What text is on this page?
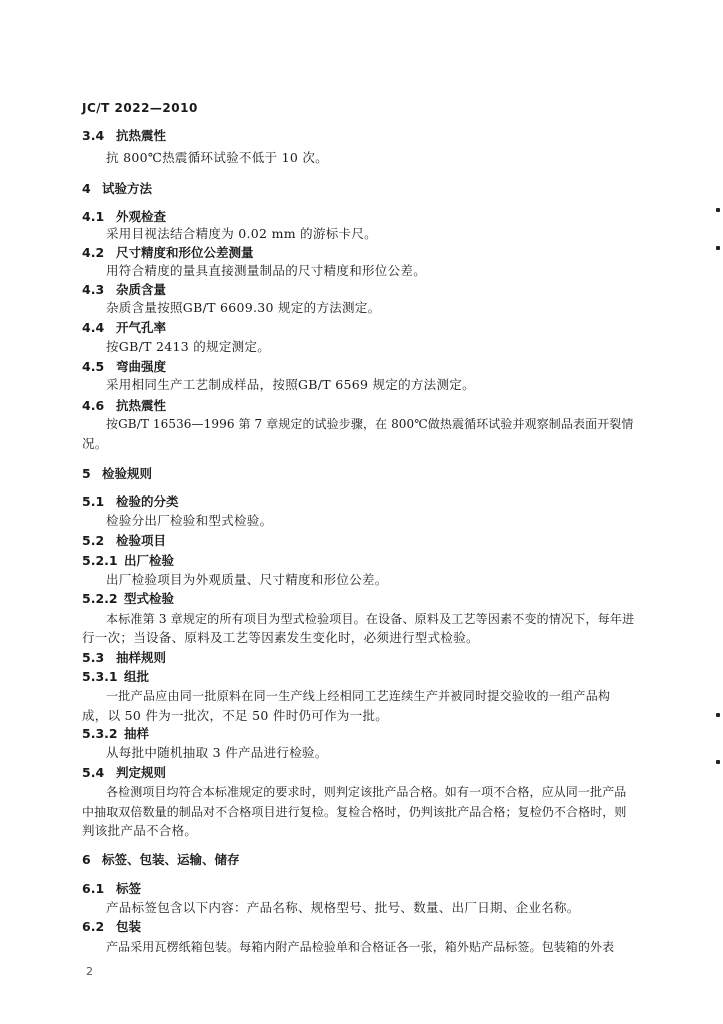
JC/T 2022—2010
3.4 抗热震性
抗 800℃热震循环试验不低于 10 次。
4 试验方法
4.1 外观检查
采用目视法结合精度为 0.02 mm 的游标卡尺。
4.2 尺寸精度和形位公差测量
用符合精度的量具直接测量制品的尺寸精度和形位公差。
4.3 杂质含量
杂质含量按照GB/T 6609.30 规定的方法测定。
4.4 开气孔率
按GB/T 2413 的规定测定。
4.5 弯曲强度
采用相同生产工艺制成样品，按照GB/T 6569 规定的方法测定。
4.6 抗热震性
按GB/T 16536—1996 第 7 章规定的试验步骤，在 800℃做热震循环试验并观察制品表面开裂情
况。
5 检验规则
5.1 检验的分类
检验分出厂检验和型式检验。
5.2 检验项目
5.2.1 出厂检验
出厂检验项目为外观质量、尺寸精度和形位公差。
5.2.2 型式检验
本标准第 3 章规定的所有项目为型式检验项目。在设备、原料及工艺等因素不变的情况下，每年进
行一次；当设备、原料及工艺等因素发生变化时，必须进行型式检验。
5.3 抽样规则
5.3.1 组批
一批产品应由同一批原料在同一生产线上经相同工艺连续生产并被同时提交验收的一组产品构
成，以 50 件为一批次，不足 50 件时仍可作为一批。
5.3.2 抽样
从每批中随机抽取 3 件产品进行检验。
5.4 判定规则
各检测项目均符合本标准规定的要求时，则判定该批产品合格。如有一项不合格，应从同一批产品
中抽取双倍数量的制品对不合格项目进行复检。复检合格时，仍判该批产品合格；复检仍不合格时，则
判该批产品不合格。
6 标签、包装、运输、储存
6.1 标签
产品标签包含以下内容：产品名称、规格型号、批号、数量、出厂日期、企业名称。
6.2 包装
产品采用瓦楞纸箱包装。每箱内附产品检验单和合格证各一张，箱外贴产品标签。包装箱的外表
2
